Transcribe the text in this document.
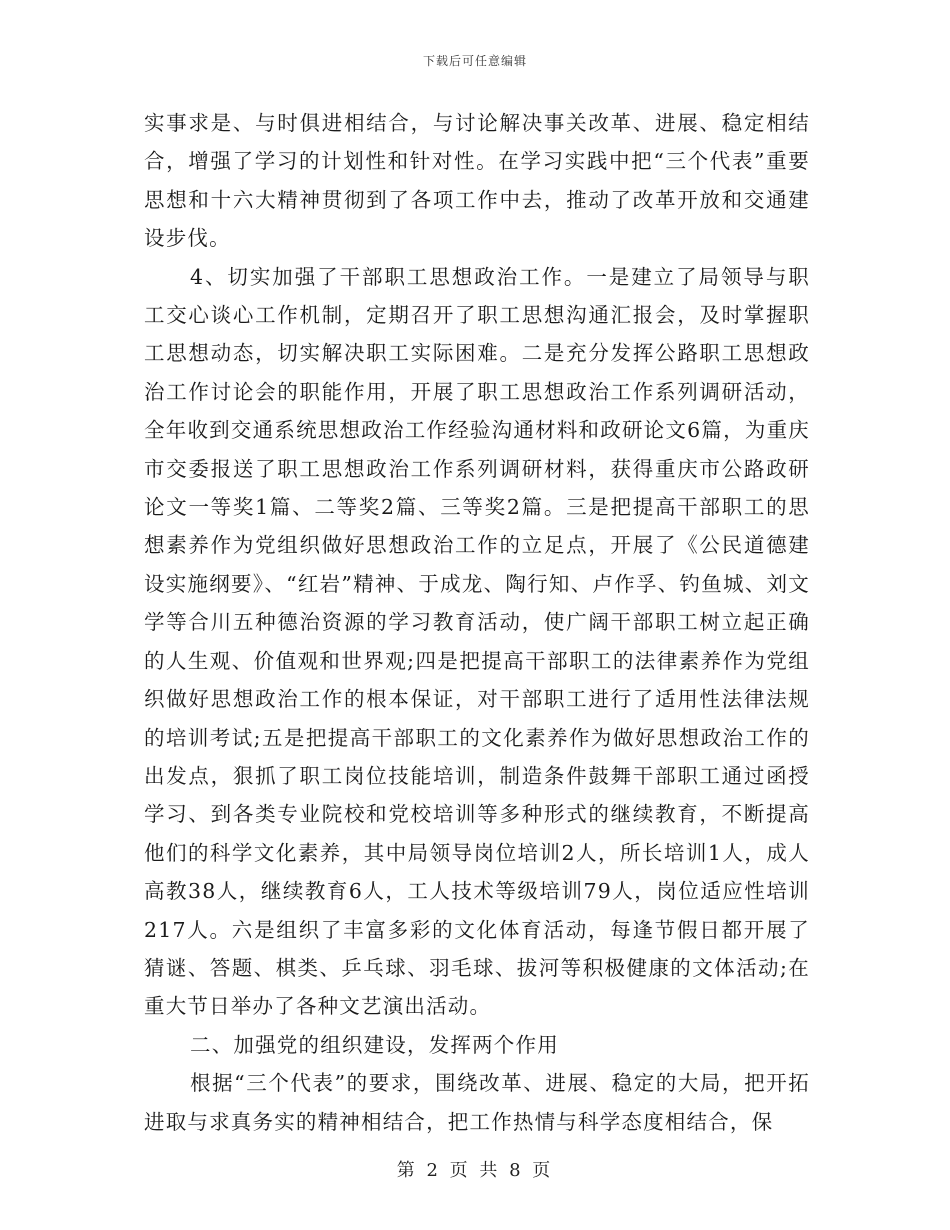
下载后可任意编辑

实事求是、与时俱进相结合，与讨论解决事关改革、进展、稳定相结合，增强了学习的计划性和针对性。在学习实践中把“三个代表”重要思想和十六大精神贯彻到了各项工作中去，推动了改革开放和交通建设步伐。

4、切实加强了干部职工思想政治工作。一是建立了局领导与职工交心谈心工作机制，定期召开了职工思想沟通汇报会，及时掌握职工思想动态，切实解决职工实际困难。二是充分发挥公路职工思想政治工作讨论会的职能作用，开展了职工思想政治工作系列调研活动，全年收到交通系统思想政治工作经验沟通材料和政研论文6篇，为重庆市交委报送了职工思想政治工作系列调研材料，获得重庆市公路政研论文一等奖1篇、二等奖2篇、三等奖2篇。三是把提高干部职工的思想素养作为党组织做好思想政治工作的立足点，开展了《公民道德建设实施纲要》、“红岩”精神、于成龙、陶行知、卢作孚、钓鱼城、刘文学等合川五种德治资源的学习教育活动，使广阔干部职工树立起正确的人生观、价值观和世界观;四是把提高干部职工的法律素养作为党组织做好思想政治工作的根本保证，对干部职工进行了适用性法律法规的培训考试;五是把提高干部职工的文化素养作为做好思想政治工作的出发点，狠抓了职工岗位技能培训，制造条件鼓舞干部职工通过函授学习、到各类专业院校和党校培训等多种形式的继续教育，不断提高他们的科学文化素养，其中局领导岗位培训2人，所长培训1人，成人高教38人，继续教育6人，工人技术等级培训79人，岗位适应性培训217人。六是组织了丰富多彩的文化体育活动，每逢节假日都开展了猜谜、答题、棋类、乒乓球、羽毛球、拔河等积极健康的文体活动;在重大节日举办了各种文艺演出活动。

二、加强党的组织建设，发挥两个作用

根据“三个代表”的要求，围绕改革、进展、稳定的大局，把开拓进取与求真务实的精神相结合，把工作热情与科学态度相结合，保

第 2 页 共 8 页
